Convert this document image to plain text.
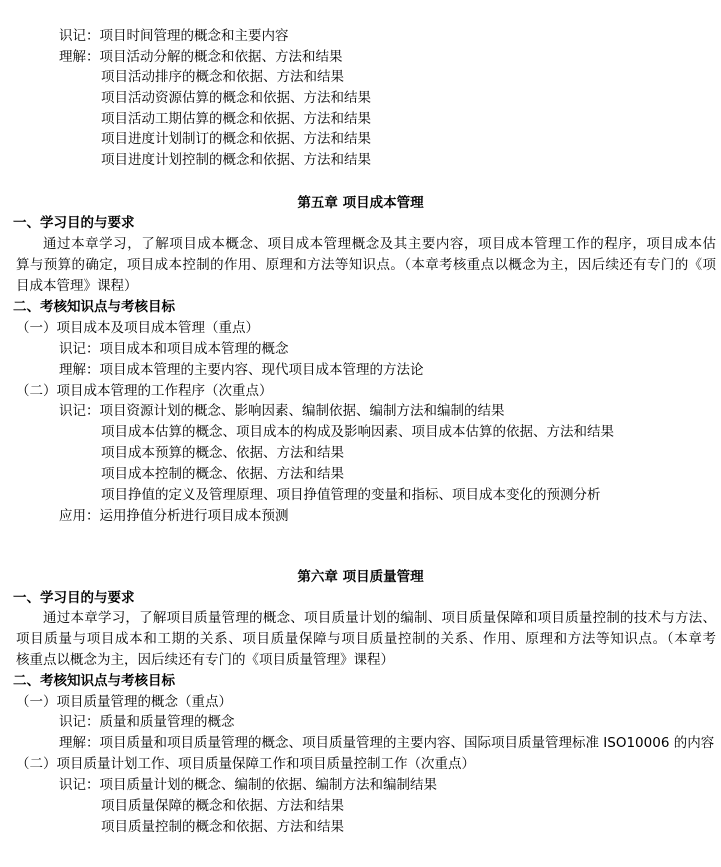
识记：项目时间管理的概念和主要内容
理解：项目活动分解的概念和依据、方法和结果
项目活动排序的概念和依据、方法和结果
项目活动资源估算的概念和依据、方法和结果
项目活动工期估算的概念和依据、方法和结果
项目进度计划制订的概念和依据、方法和结果
项目进度计划控制的概念和依据、方法和结果
第五章 项目成本管理
一、学习目的与要求
通过本章学习，了解项目成本概念、项目成本管理概念及其主要内容，项目成本管理工作的程序，项目成本估
算与预算的确定，项目成本控制的作用、原理和方法等知识点。（本章考核重点以概念为主，因后续还有专门的《项
目成本管理》课程）
二、考核知识点与考核目标
（一）项目成本及项目成本管理（重点）
识记：项目成本和项目成本管理的概念
理解：项目成本管理的主要内容、现代项目成本管理的方法论
（二）项目成本管理的工作程序（次重点）
识记：项目资源计划的概念、影响因素、编制依据、编制方法和编制的结果
项目成本估算的概念、项目成本的构成及影响因素、项目成本估算的依据、方法和结果
项目成本预算的概念、依据、方法和结果
项目成本控制的概念、依据、方法和结果
项目挣值的定义及管理原理、项目挣值管理的变量和指标、项目成本变化的预测分析
应用：运用挣值分析进行项目成本预测
第六章 项目质量管理
一、学习目的与要求
通过本章学习，了解项目质量管理的概念、项目质量计划的编制、项目质量保障和项目质量控制的技术与方法、
项目质量与项目成本和工期的关系、项目质量保障与项目质量控制的关系、作用、原理和方法等知识点。（本章考
核重点以概念为主，因后续还有专门的《项目质量管理》课程）
二、考核知识点与考核目标
（一）项目质量管理的概念（重点）
识记：质量和质量管理的概念
理解：项目质量和项目质量管理的概念、项目质量管理的主要内容、国际项目质量管理标准 ISO10006 的内容
（二）项目质量计划工作、项目质量保障工作和项目质量控制工作（次重点）
识记：项目质量计划的概念、编制的依据、编制方法和编制结果
项目质量保障的概念和依据、方法和结果
项目质量控制的概念和依据、方法和结果
